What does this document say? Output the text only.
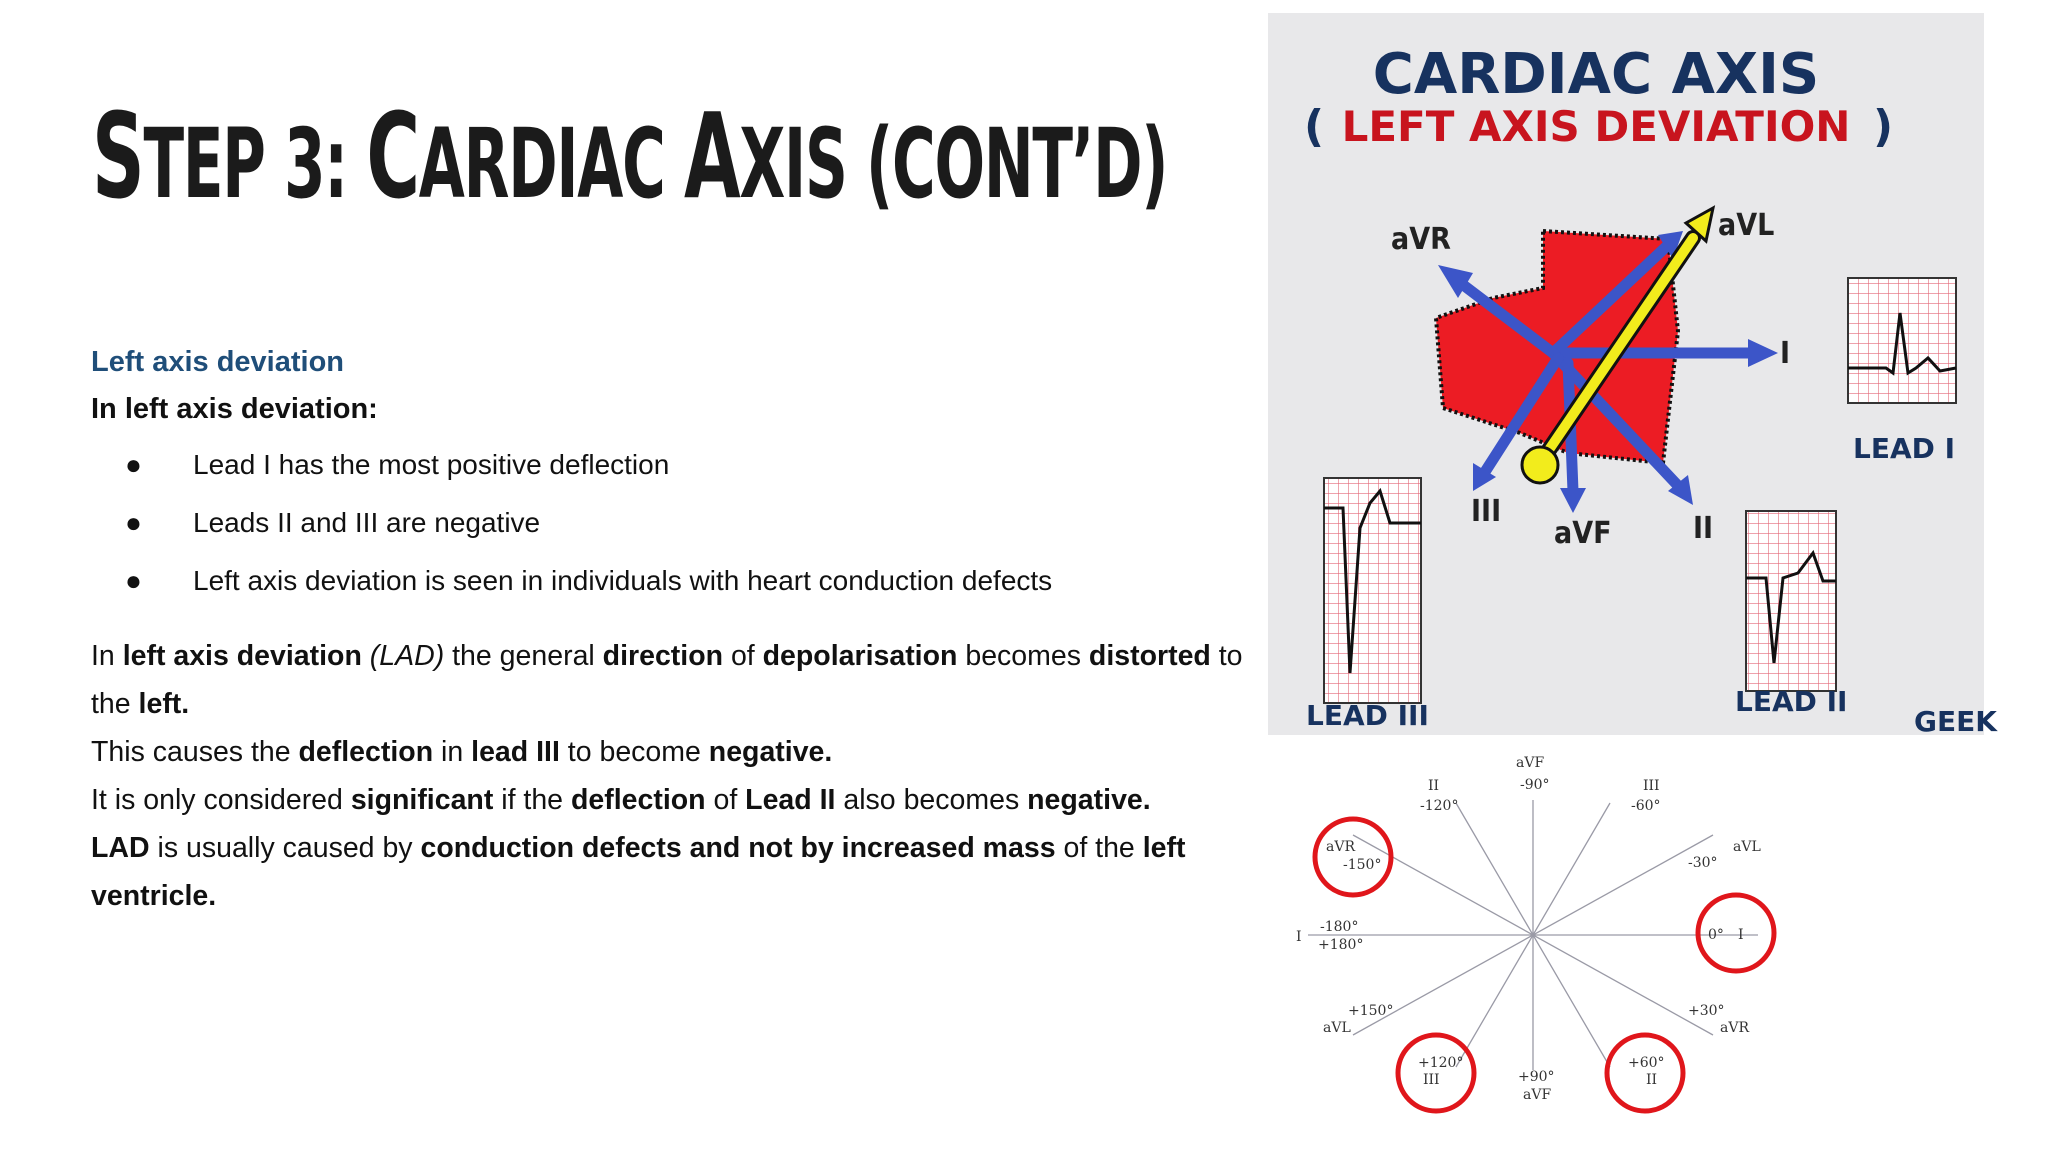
STEP 3: CARDIAC AXIS (CONT’D)
Left axis deviation
In left axis deviation:
● Lead I has the most positive deflection
● Leads II and III are negative
● Left axis deviation is seen in individuals with heart conduction defects

In left axis deviation (LAD) the general direction of depolarisation becomes distorted to the left.

This causes the deflection in lead III to become negative.

It is only considered significant if the deflection of Lead II also becomes negative.

LAD is usually caused by conduction defects and not by increased mass of the left ventricle.

CARDIAC AXIS
( LEFT AXIS DEVIATION )
aVR	aVL
I
III
aVF	II
LEAD I
LEAD III	LEAD II
GEEK
aVF
-90°
II
-120°
III
-60°
aVR
-150°
aVL
-30°
I
-180°
+180°
0° I
+150°
aVL
+30°
aVR
+120°
III	+90°
aVF
+60°
II
